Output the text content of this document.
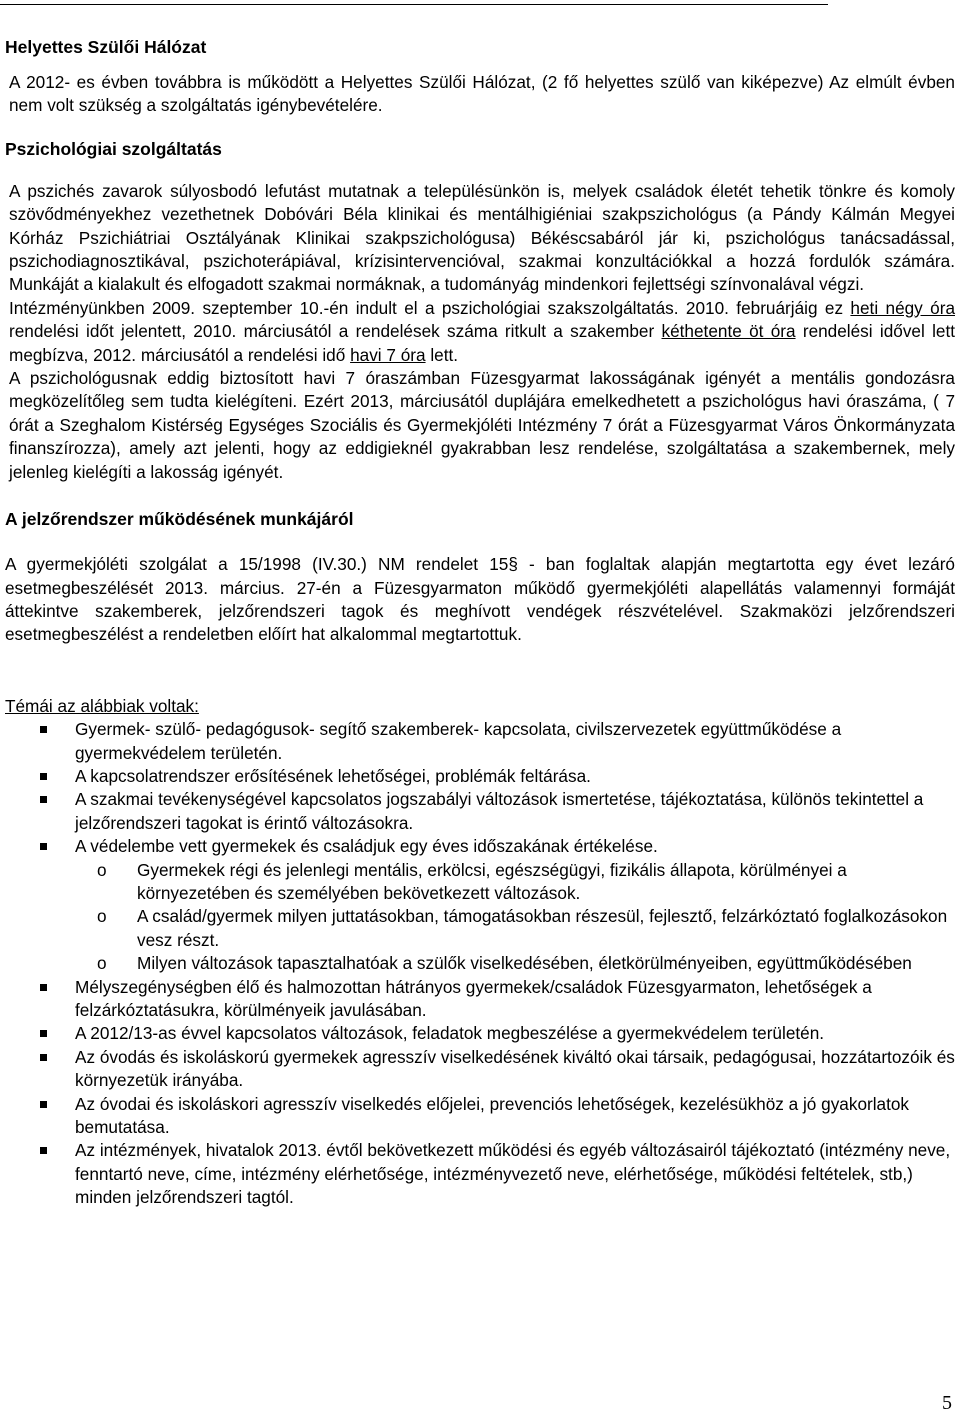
Helyettes Szülői Hálózat

A 2012- es évben továbbra is működött a Helyettes Szülői Hálózat, (2 fő helyettes szülő van kiképezve) Az elmúlt évben nem volt szükség a szolgáltatás igénybevételére.

Pszichológiai szolgáltatás

A pszichés zavarok súlyosbodó lefutást mutatnak a településünkön is, melyek családok életét tehetik tönkre és komoly szövődményekhez vezethetnek Dobóvári Béla klinikai és mentálhigiéniai szakpszichológus (a Pándy Kálmán Megyei Kórház Pszichiátriai Osztályának Klinikai szakpszichológusa) Békéscsabáról jár ki, pszichológus tanácsadással, pszichodiagnosztikával, pszichoterápiával, krízisintervencióval, szakmai konzultációkkal a hozzá fordulók számára. Munkáját a kialakult és elfogadott szakmai normáknak, a tudományág mindenkori fejlettségi színvonalával végzi.

Intézményünkben 2009. szeptember 10.-én indult el a pszichológiai szakszolgáltatás. 2010. februárjáig ez heti négy óra rendelési időt jelentett, 2010. márciusától a rendelések száma ritkult a szakember kéthetente öt óra rendelési idővel lett megbízva, 2012. márciusától a rendelési idő havi 7 óra lett.

A pszichológusnak eddig biztosított havi 7 óraszámban Füzesgyarmat lakosságának igényét a mentális gondozásra megközelítőleg sem tudta kielégíteni. Ezért 2013, márciusától duplájára emelkedhetett a pszichológus havi óraszáma, ( 7 órát a Szeghalom Kistérség Egységes Szociális és Gyermekjóléti Intézmény 7 órát a Füzesgyarmat Város Önkormányzata finanszírozza), amely azt jelenti, hogy az eddigieknél gyakrabban lesz rendelése, szolgáltatása a szakembernek, mely jelenleg kielégíti a lakosság igényét.

A jelzőrendszer működésének munkájáról

A gyermekjóléti szolgálat a 15/1998 (IV.30.) NM rendelet 15§ - ban foglaltak alapján megtartotta egy évet lezáró esetmegbeszélését 2013. március. 27-én a Füzesgyarmaton működő gyermekjóléti alapellátás valamennyi formáját áttekintve szakemberek, jelzőrendszeri tagok és meghívott vendégek részvételével. Szakmaközi jelzőrendszeri esetmegbeszélést a rendeletben előírt hat alkalommal megtartottuk.

Témái az alábbiak voltak:

Gyermek- szülő- pedagógusok- segítő szakemberek- kapcsolata, civilszervezetek együttműködése a gyermekvédelem területén.
A kapcsolatrendszer erősítésének lehetőségei, problémák feltárása.
A szakmai tevékenységével kapcsolatos jogszabályi változások ismertetése, tájékoztatása, különös tekintettel a jelzőrendszeri tagokat is érintő változásokra.
A védelembe vett gyermekek és családjuk egy éves időszakának értékelése.
o Gyermekek régi és jelenlegi mentális, erkölcsi, egészségügyi, fizikális állapota, körülményei a környezetében és személyében bekövetkezett változások.
o A család/gyermek milyen juttatásokban, támogatásokban részesül, fejlesztő, felzárkóztató foglalkozásokon vesz részt.
o Milyen változások tapasztalhatóak a szülők viselkedésében, életkörülményeiben, együttműködésében
Mélyszegénységben élő és halmozottan hátrányos gyermekek/családok Füzesgyarmaton, lehetőségek a felzárkóztatásukra, körülményeik javulásában.
A 2012/13-as évvel kapcsolatos változások, feladatok megbeszélése a gyermekvédelem területén.
Az óvodás és iskoláskorú gyermekek agresszív viselkedésének kiváltó okai társaik, pedagógusai, hozzátartozóik és környezetük irányába.
Az óvodai és iskoláskori agresszív viselkedés előjelei, prevenciós lehetőségek, kezelésükhöz a jó gyakorlatok bemutatása.
Az intézmények, hivatalok 2013. évtől bekövetkezett működési és egyéb változásairól tájékoztató (intézmény neve, fenntartó neve, címe, intézmény elérhetősége, intézményvezető neve, elérhetősége, működési feltételek, stb,) minden jelzőrendszeri tagtól.
5
